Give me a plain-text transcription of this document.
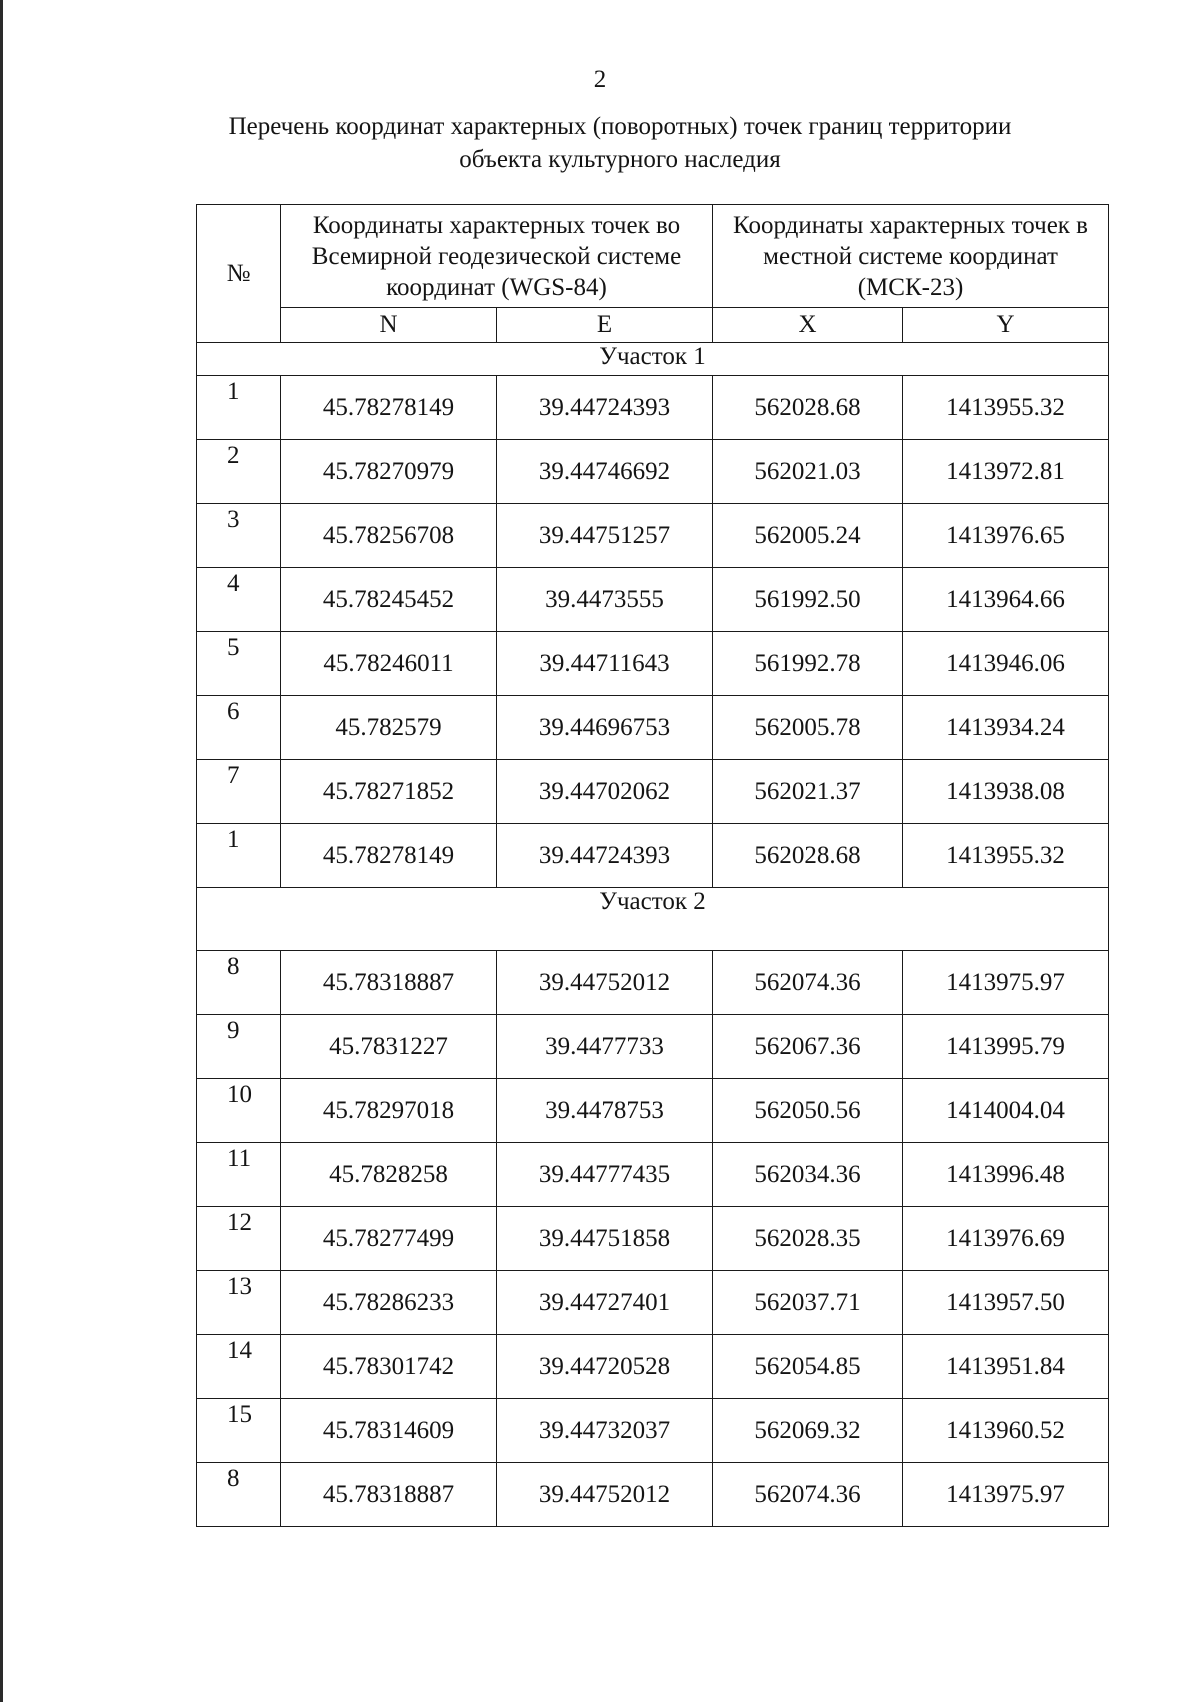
2
Перечень координат характерных (поворотных) точек границ территории
объекта культурного наследия
№	Координаты характерных точек во Всемирной геодезической системе координат (WGS-84)		Координаты характерных точек в местной системе координат (МСК-23)	
	N	E	X	Y
Участок 1				
1	45.78278149	39.44724393	562028.68	1413955.32
2	45.78270979	39.44746692	562021.03	1413972.81
3	45.78256708	39.44751257	562005.24	1413976.65
4	45.78245452	39.4473555	561992.50	1413964.66
5	45.78246011	39.44711643	561992.78	1413946.06
6	45.782579	39.44696753	562005.78	1413934.24
7	45.78271852	39.44702062	562021.37	1413938.08
1	45.78278149	39.44724393	562028.68	1413955.32
Участок 2				
8	45.78318887	39.44752012	562074.36	1413975.97
9	45.7831227	39.4477733	562067.36	1413995.79
10	45.78297018	39.4478753	562050.56	1414004.04
11	45.7828258	39.44777435	562034.36	1413996.48
12	45.78277499	39.44751858	562028.35	1413976.69
13	45.78286233	39.44727401	562037.71	1413957.50
14	45.78301742	39.44720528	562054.85	1413951.84
15	45.78314609	39.44732037	562069.32	1413960.52
8	45.78318887	39.44752012	562074.36	1413975.97
